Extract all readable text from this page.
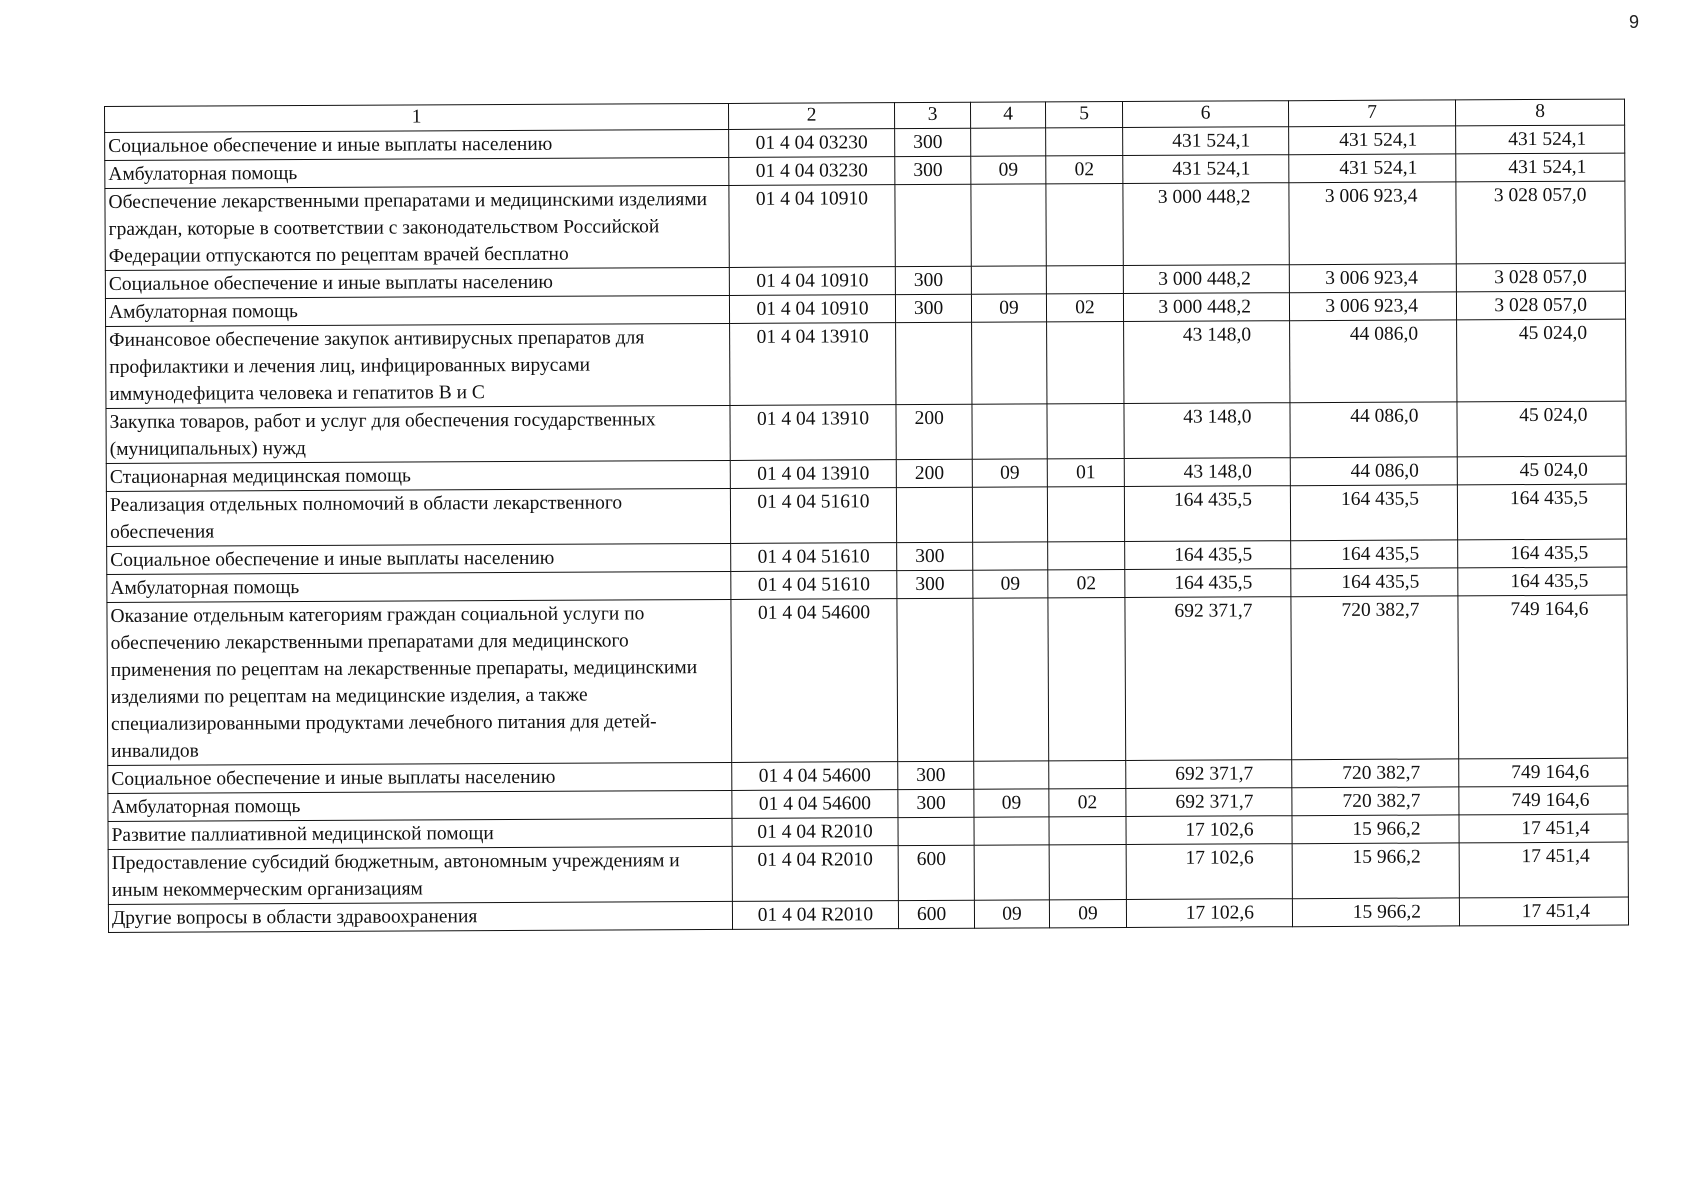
9
1	2	3	4	5	6	7	8
Социальное обеспечение и иные выплаты населению	01 4 04 03230	300			431 524,1	431 524,1	431 524,1
Амбулаторная помощь	01 4 04 03230	300	09	02	431 524,1	431 524,1	431 524,1
Обеспечение лекарственными препаратами и медицинскими изделиями граждан, которые в соответствии с законодательством Российской Федерации отпускаются по рецептам врачей бесплатно	01 4 04 10910				3 000 448,2	3 006 923,4	3 028 057,0
Социальное обеспечение и иные выплаты населению	01 4 04 10910	300			3 000 448,2	3 006 923,4	3 028 057,0
Амбулаторная помощь	01 4 04 10910	300	09	02	3 000 448,2	3 006 923,4	3 028 057,0
Финансовое обеспечение закупок антивирусных препаратов для профилактики и лечения лиц, инфицированных вирусами иммунодефицита человека и гепатитов В и С	01 4 04 13910				43 148,0	44 086,0	45 024,0
Закупка товаров, работ и услуг для обеспечения государственных (муниципальных) нужд	01 4 04 13910	200			43 148,0	44 086,0	45 024,0
Стационарная медицинская помощь	01 4 04 13910	200	09	01	43 148,0	44 086,0	45 024,0
Реализация отдельных полномочий в области лекарственного обеспечения	01 4 04 51610				164 435,5	164 435,5	164 435,5
Социальное обеспечение и иные выплаты населению	01 4 04 51610	300			164 435,5	164 435,5	164 435,5
Амбулаторная помощь	01 4 04 51610	300	09	02	164 435,5	164 435,5	164 435,5
Оказание отдельным категориям граждан социальной услуги по обеспечению лекарственными препаратами для медицинского применения по рецептам на лекарственные препараты, медицинскими изделиями по рецептам на медицинские изделия, а также специализированными продуктами лечебного питания для детей-инвалидов	01 4 04 54600				692 371,7	720 382,7	749 164,6
Социальное обеспечение и иные выплаты населению	01 4 04 54600	300			692 371,7	720 382,7	749 164,6
Амбулаторная помощь	01 4 04 54600	300	09	02	692 371,7	720 382,7	749 164,6
Развитие паллиативной медицинской помощи	01 4 04 R2010				17 102,6	15 966,2	17 451,4
Предоставление субсидий бюджетным, автономным учреждениям и иным некоммерческим организациям	01 4 04 R2010	600			17 102,6	15 966,2	17 451,4
Другие вопросы в области здравоохранения	01 4 04 R2010	600	09	09	17 102,6	15 966,2	17 451,4
